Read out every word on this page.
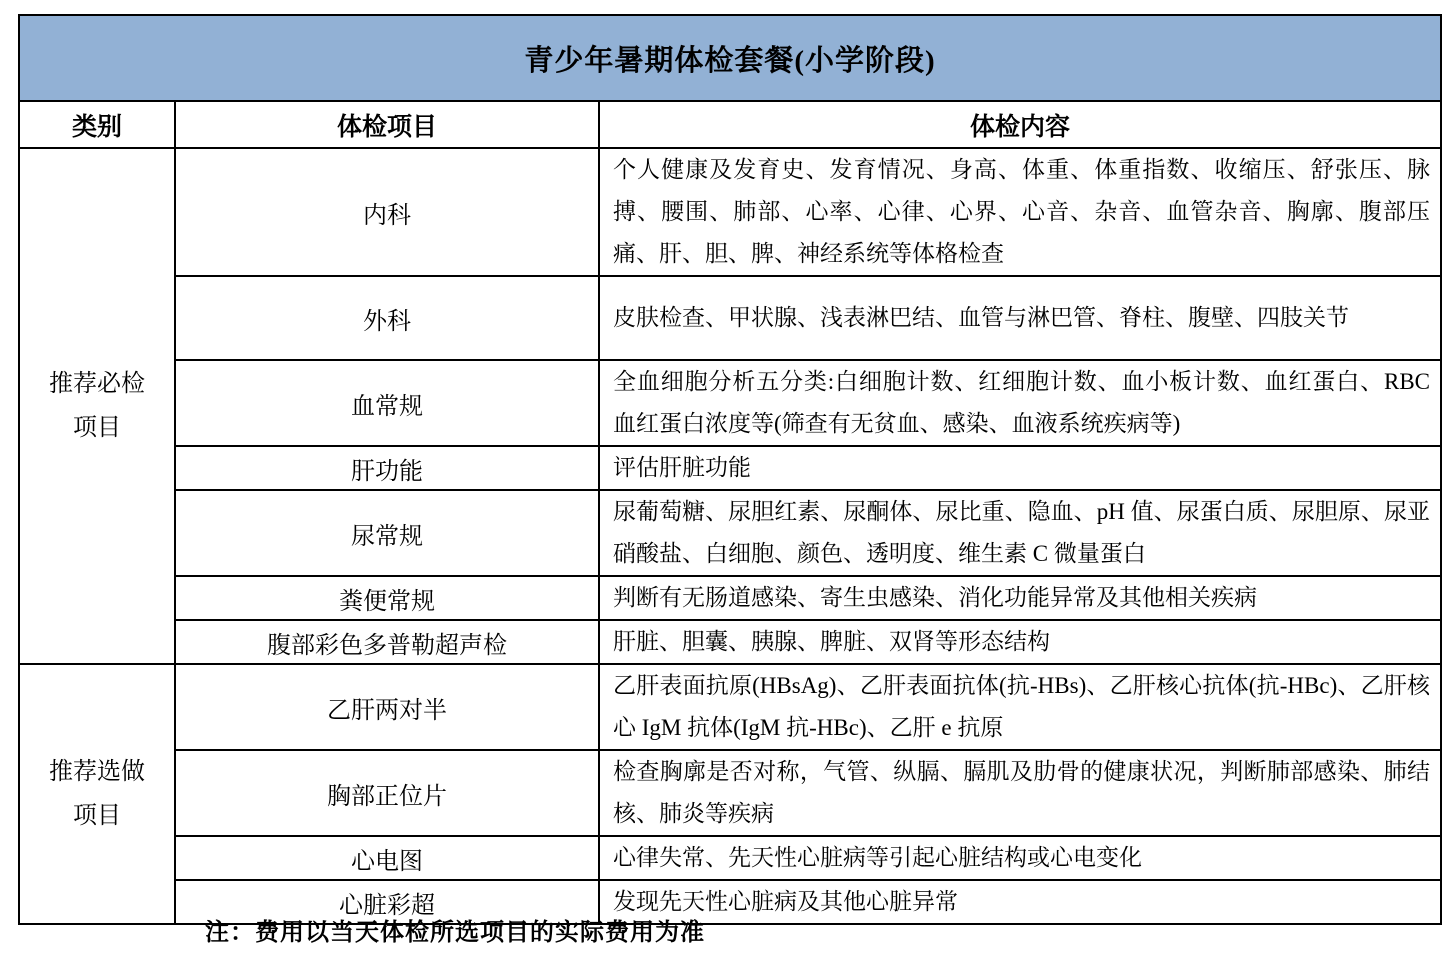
青少年暑期体检套餐(小学阶段)		
类别	体检项目	体检内容

推荐必检
项目	内科	个人健康及发育史、发育情况、身高、体重、体重指数、收缩压、舒张压、脉搏、腰围、肺部、心率、心律、心界、心音、杂音、血管杂音、胸廓、腹部压痛、肝、胆、脾、神经系统等体格检查
	外科	皮肤检查、甲状腺、浅表淋巴结、血管与淋巴管、脊柱、腹壁、四肢关节
	血常规	全血细胞分析五分类:白细胞计数、红细胞计数、血小板计数、血红蛋白、RBC 血红蛋白浓度等(筛查有无贫血、感染、血液系统疾病等)
	肝功能	评估肝脏功能
	尿常规	尿葡萄糖、尿胆红素、尿酮体、尿比重、隐血、pH 值、尿蛋白质、尿胆原、尿亚硝酸盐、白细胞、颜色、透明度、维生素 C 微量蛋白
	粪便常规	判断有无肠道感染、寄生虫感染、消化功能异常及其他相关疾病
	腹部彩色多普勒超声检	肝脏、胆囊、胰腺、脾脏、双肾等形态结构

推荐选做
项目	乙肝两对半	乙肝表面抗原(HBsAg)、乙肝表面抗体(抗-HBs)、乙肝核心抗体(抗-HBc)、乙肝核心 IgM 抗体(IgM 抗-HBc)、乙肝 e 抗原
	胸部正位片	检查胸廓是否对称，气管、纵膈、膈肌及肋骨的健康状况，判断肺部感染、肺结核、肺炎等疾病
	心电图	心律失常、先天性心脏病等引起心脏结构或心电变化
	心脏彩超	发现先天性心脏病及其他心脏异常
注：费用以当天体检所选项目的实际费用为准
